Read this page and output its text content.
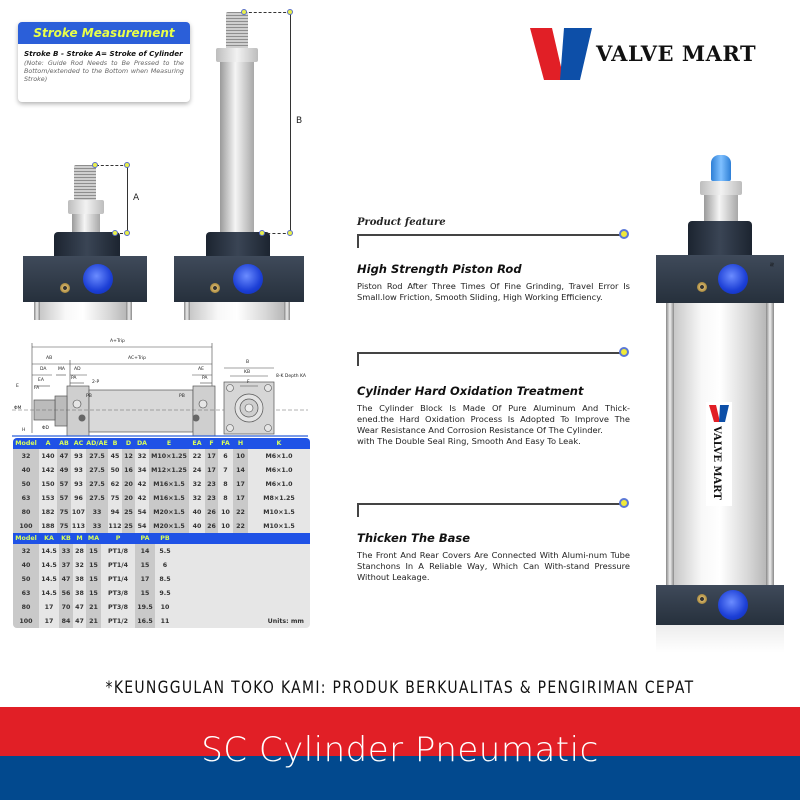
Stroke Measurement
Stroke B - Stroke A= Stroke of Cylinder
(Note: Guide Rod Needs to Be Pressed to the Bottom/extended to the Bottom when Measuring Stroke)
A
B
A+Trip
AC+Trip
AB
DA	MA AD	AE
EA
FA
PA	PA
E
2-P
PB	PB
ΦM
ΦD
H
B
KB
F
8-K Depth KA
Model	A	AB	AC	AD/AE	B	D	DA	E	EA	F	FA	H	K
32	140	47	93	27.5	45	12	32	M10×1.25	22	17	6	10	M6×1.0
40	142	49	93	27.5	50	16	34	M12×1.25	24	17	7	14	M6×1.0
50	150	57	93	27.5	62	20	42	M16×1.5	32	23	8	17	M6×1.0
63	153	57	96	27.5	75	20	42	M16×1.5	32	23	8	17	M8×1.25
80	182	75	107	33	94	25	54	M20×1.5	40	26	10	22	M10×1.5
100	188	75	113	33	112	25	54	M20×1.5	40	26	10	22	M10×1.5
Model	KA	KB	M	MA	P	PA	PB	
32	14.5	33	28	15	PT1/8	14	5.5	
40	14.5	37	32	15	PT1/4	15	6	
50	14.5	47	38	15	PT1/4	17	8.5	
63	14.5	56	38	15	PT3/8	15	9.5	
80	17	70	47	21	PT3/8	19.5	10	
100	17	84	47	21	PT1/2	16.5	11	Units: mm
Product feature
High Strength Piston Rod
Piston Rod After Three Times Of Fine Grinding, Travel Error Is Small.low Friction, Smooth Sliding, High Working Efficiency.
Cylinder Hard Oxidation Treatment
The Cylinder Block Is Made Of Pure Aluminum And Thick-ened.the Hard Oxidation Process Is Adopted To Improve The Wear Resistance And Corrosion Resistance Of The Cylinder.
with The Double Seal Ring, Smooth And Easy To Leak.
Thicken The Base
The Front And Rear Covers Are Connected With Alumi-num Tube Stanchons In A Reliable Way, Which Can With-stand Pressure Without Leakage.
VALVE MART
≋
VALVE MART
*KEUNGGULAN TOKO KAMI: PRODUK BERKUALITAS & PENGIRIMAN CEPAT
SC Cylinder Pneumatic
